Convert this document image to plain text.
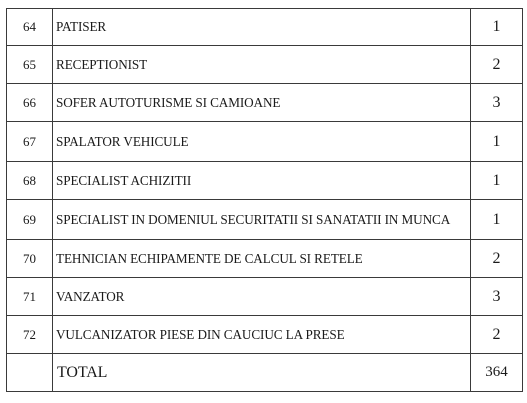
64	PATISER	1
65	RECEPTIONIST	2
66	SOFER AUTOTURISME SI CAMIOANE	3
67	SPALATOR VEHICULE	1
68	SPECIALIST ACHIZITII	1
69	SPECIALIST IN DOMENIUL SECURITATII SI SANATATII IN MUNCA	1
70	TEHNICIAN ECHIPAMENTE DE CALCUL SI RETELE	2
71	VANZATOR	3
72	VULCANIZATOR PIESE DIN CAUCIUC LA PRESE	2
	TOTAL	364
